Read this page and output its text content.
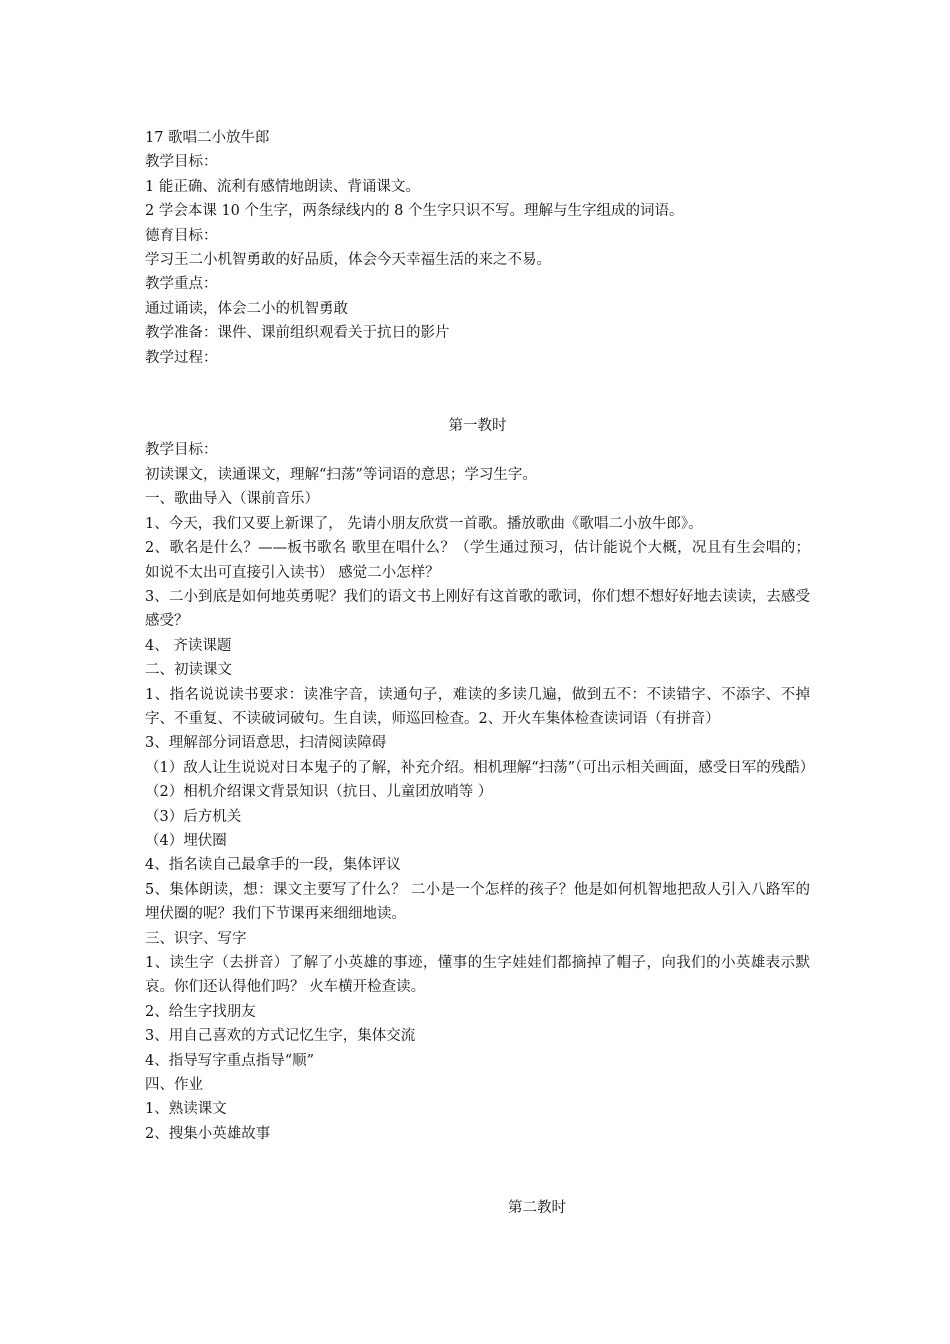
17 歌唱二小放牛郎

教学目标：

1 能正确、流利有感情地朗读、背诵课文。

2 学会本课 10 个生字，两条绿线内的 8 个生字只识不写。理解与生字组成的词语。

德育目标：

学习王二小机智勇敢的好品质，体会今天幸福生活的来之不易。

教学重点：

通过诵读，体会二小的机智勇敢

教学准备：课件、课前组织观看关于抗日的影片

教学过程：

第一教时

教学目标：

初读课文，读通课文，理解“扫荡”等词语的意思；学习生字。

一、歌曲导入（课前音乐）

1、今天，我们又要上新课了， 先请小朋友欣赏一首歌。播放歌曲《歌唱二小放牛郎》。

2、歌名是什么？——板书歌名 歌里在唱什么？（学生通过预习，估计能说个大概，况且有生会唱的；如说不太出可直接引入读书） 感觉二小怎样？

3、二小到底是如何地英勇呢？我们的语文书上刚好有这首歌的歌词，你们想不想好好地去读读，去感受感受？

4、 齐读课题

二、初读课文

1、指名说说读书要求：读准字音，读通句子，难读的多读几遍，做到五不：不读错字、不添字、不掉字、不重复、不读破词破句。生自读，师巡回检查。2、开火车集体检查读词语（有拼音）

3、理解部分词语意思，扫清阅读障碍

（1）敌人让生说说对日本鬼子的了解，补充介绍。相机理解“扫荡”（可出示相关画面，感受日军的残酷）

（2）相机介绍课文背景知识（抗日、儿童团放哨等 ）

（3）后方机关

（4）埋伏圈

4、指名读自己最拿手的一段，集体评议

5、集体朗读，想：课文主要写了什么？ 二小是一个怎样的孩子？他是如何机智地把敌人引入八路军的埋伏圈的呢？我们下节课再来细细地读。

三、识字、写字

1、读生字（去拼音）了解了小英雄的事迹，懂事的生字娃娃们都摘掉了帽子，向我们的小英雄表示默哀。你们还认得他们吗？ 火车横开检查读。

2、给生字找朋友

3、用自己喜欢的方式记忆生字，集体交流

4、指导写字重点指导“顺”

四、作业

1、熟读课文

2、搜集小英雄故事

第二教时
